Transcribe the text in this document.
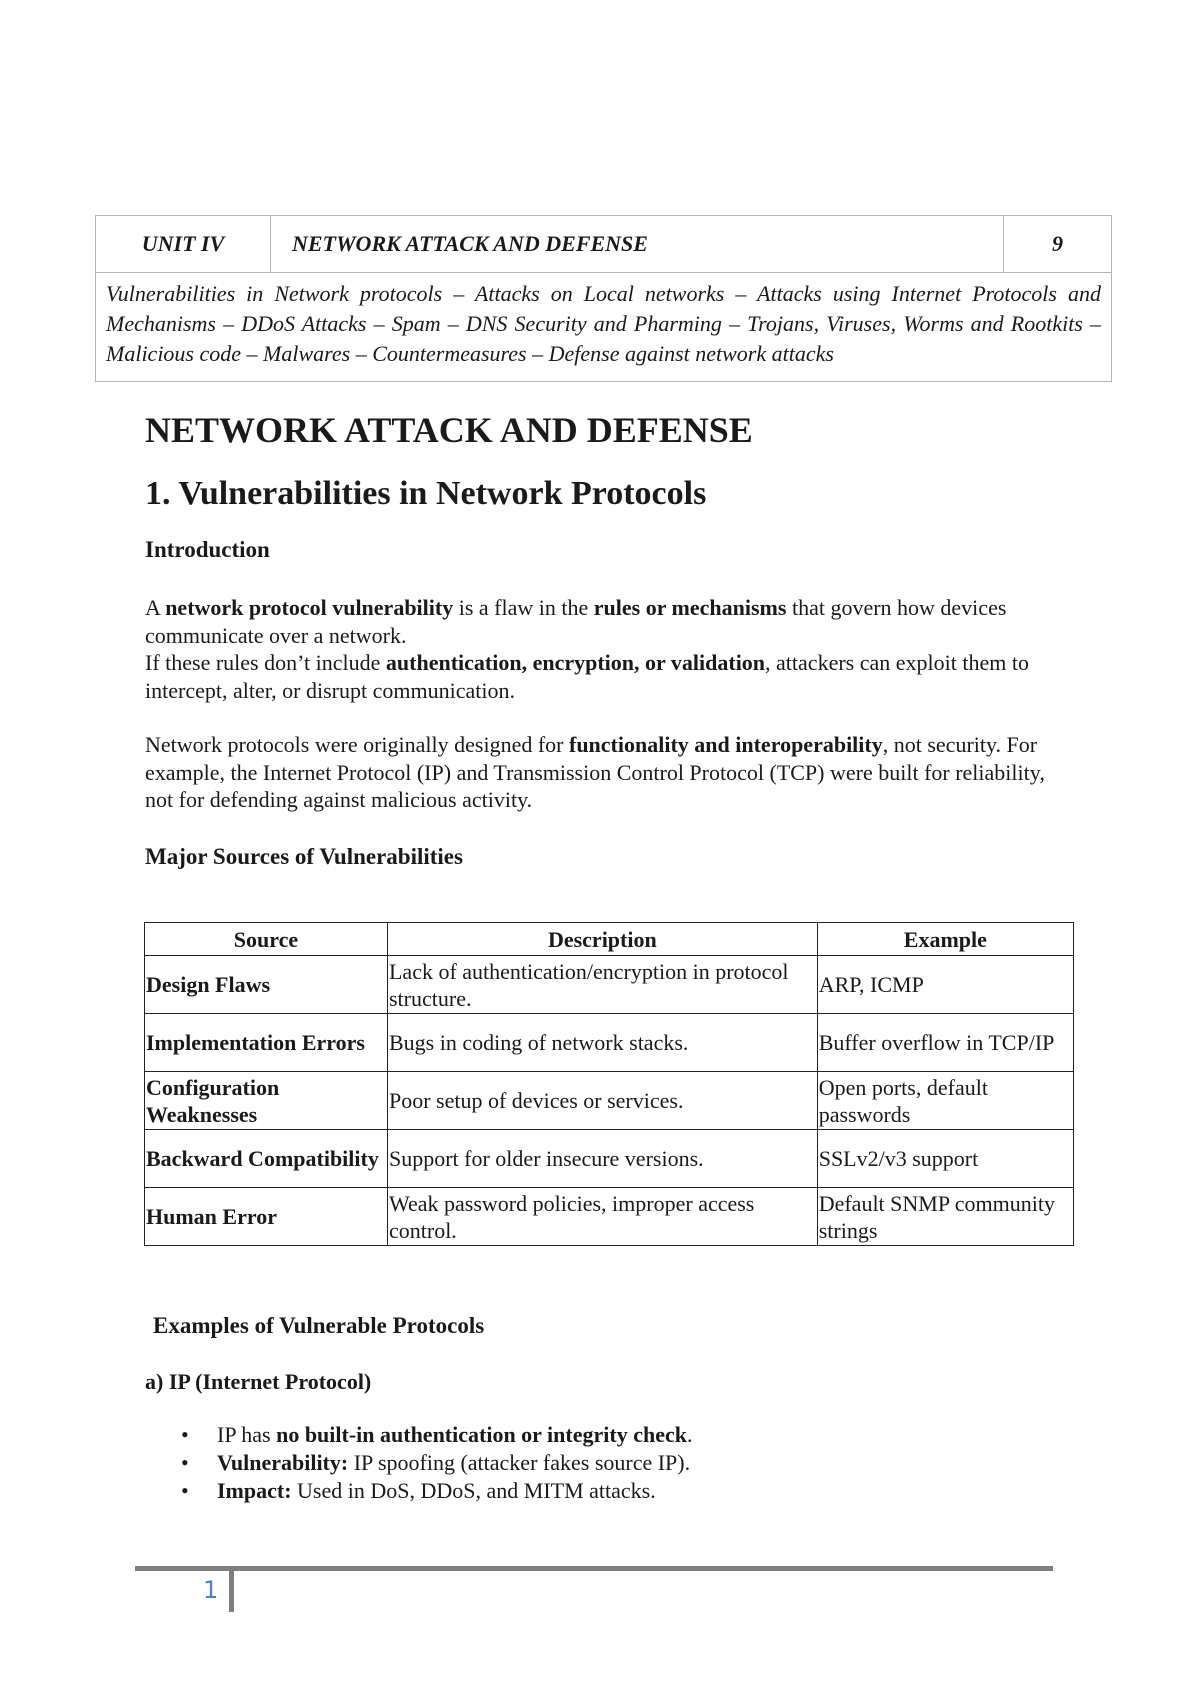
UNIT IV	NETWORK ATTACK AND DEFENSE	9
Vulnerabilities in Network protocols – Attacks on Local networks – Attacks using Internet Protocols and Mechanisms – DDoS Attacks – Spam – DNS Security and Pharming – Trojans, Viruses, Worms and Rootkits – Malicious code – Malwares – Countermeasures – Defense against network attacks
NETWORK ATTACK AND DEFENSE
1. Vulnerabilities in Network Protocols
Introduction

A network protocol vulnerability is a flaw in the rules or mechanisms that govern how devices communicate over a network.
If these rules don’t include authentication, encryption, or validation, attackers can exploit them to intercept, alter, or disrupt communication.

Network protocols were originally designed for functionality and interoperability, not security. For example, the Internet Protocol (IP) and Transmission Control Protocol (TCP) were built for reliability, not for defending against malicious activity.

Major Sources of Vulnerabilities
Source	Description	Example
Design Flaws	Lack of authentication/encryption in protocol structure.	ARP, ICMP
Implementation Errors	Bugs in coding of network stacks.	Buffer overflow in TCP/IP
Configuration Weaknesses	Poor setup of devices or services.	Open ports, default passwords
Backward Compatibility	Support for older insecure versions.	SSLv2/v3 support
Human Error	Weak password policies, improper access control.	Default SNMP community strings
Examples of Vulnerable Protocols
a) IP (Internet Protocol)
• IP has no built-in authentication or integrity check.
• Vulnerability: IP spoofing (attacker fakes source IP).
• Impact: Used in DoS, DDoS, and MITM attacks.
1
